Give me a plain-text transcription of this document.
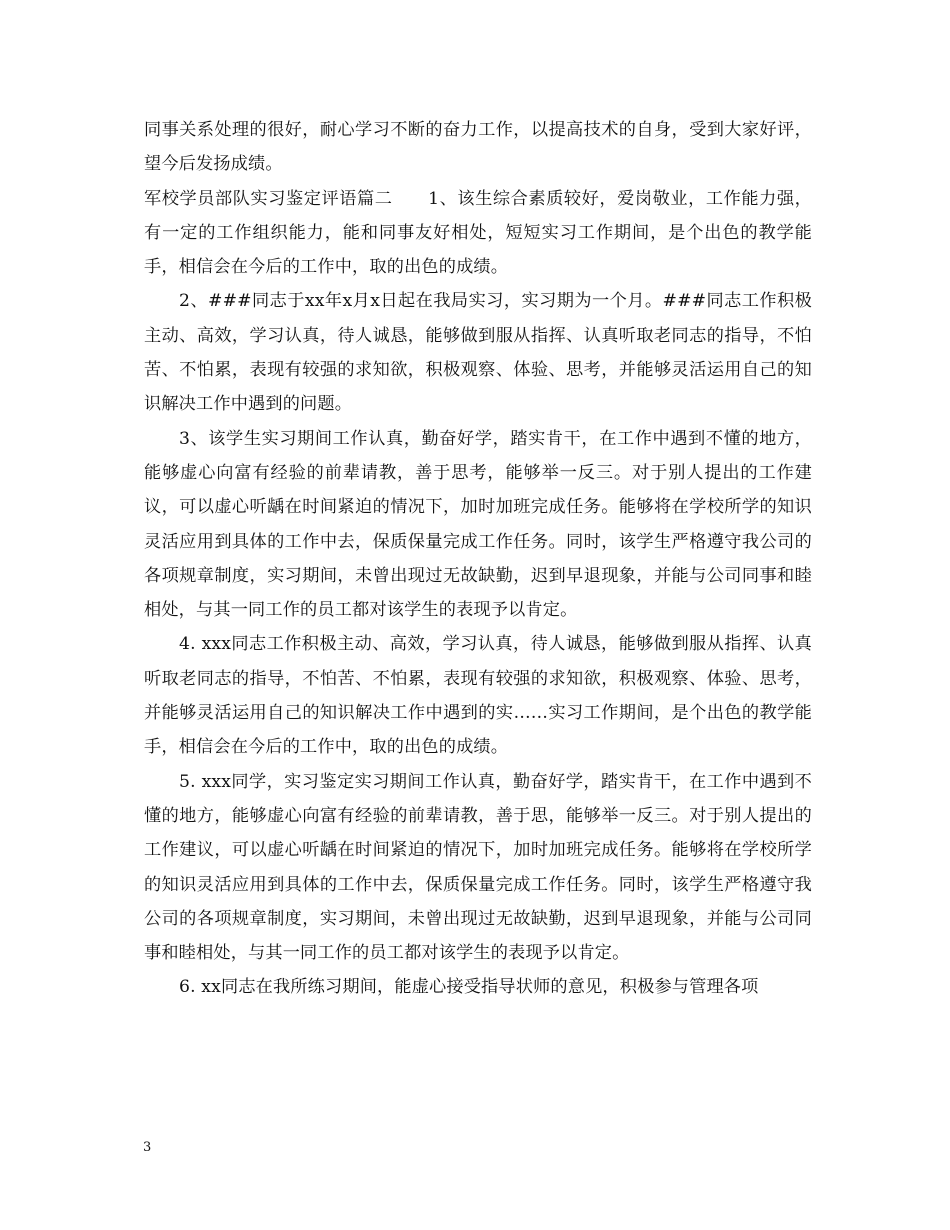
同事关系处理的很好，耐心学习不断的奋力工作，以提高技术的自身，受到大家好评，望今后发扬成绩。

军校学员部队实习鉴定评语篇二　　1、该生综合素质较好，爱岗敬业，工作能力强，有一定的工作组织能力，能和同事友好相处，短短实习工作期间，是个出色的教学能手，相信会在今后的工作中，取的出色的成绩。

2、###同志于xx年x月x日起在我局实习，实习期为一个月。###同志工作积极主动、高效，学习认真，待人诚恳，能够做到服从指挥、认真听取老同志的指导，不怕苦、不怕累，表现有较强的求知欲，积极观察、体验、思考，并能够灵活运用自己的知识解决工作中遇到的问题。

3、该学生实习期间工作认真，勤奋好学，踏实肯干，在工作中遇到不懂的地方，能够虚心向富有经验的前辈请教，善于思考，能够举一反三。对于别人提出的工作建议，可以虚心听龋在时间紧迫的情况下，加时加班完成任务。能够将在学校所学的知识灵活应用到具体的工作中去，保质保量完成工作任务。同时，该学生严格遵守我公司的各项规章制度，实习期间，未曾出现过无故缺勤，迟到早退现象，并能与公司同事和睦相处，与其一同工作的员工都对该学生的表现予以肯定。

4. xxx同志工作积极主动、高效，学习认真，待人诚恳，能够做到服从指挥、认真听取老同志的指导，不怕苦、不怕累，表现有较强的求知欲，积极观察、体验、思考，并能够灵活运用自己的知识解决工作中遇到的实……实习工作期间，是个出色的教学能手，相信会在今后的工作中，取的出色的成绩。

5. xxx同学，实习鉴定实习期间工作认真，勤奋好学，踏实肯干，在工作中遇到不懂的地方，能够虚心向富有经验的前辈请教，善于思，能够举一反三。对于别人提出的工作建议，可以虚心听龋在时间紧迫的情况下，加时加班完成任务。能够将在学校所学的知识灵活应用到具体的工作中去，保质保量完成工作任务。同时，该学生严格遵守我公司的各项规章制度，实习期间，未曾出现过无故缺勤，迟到早退现象，并能与公司同事和睦相处，与其一同工作的员工都对该学生的表现予以肯定。

6. xx同志在我所练习期间，能虚心接受指导状师的意见，积极参与管理各项

3
